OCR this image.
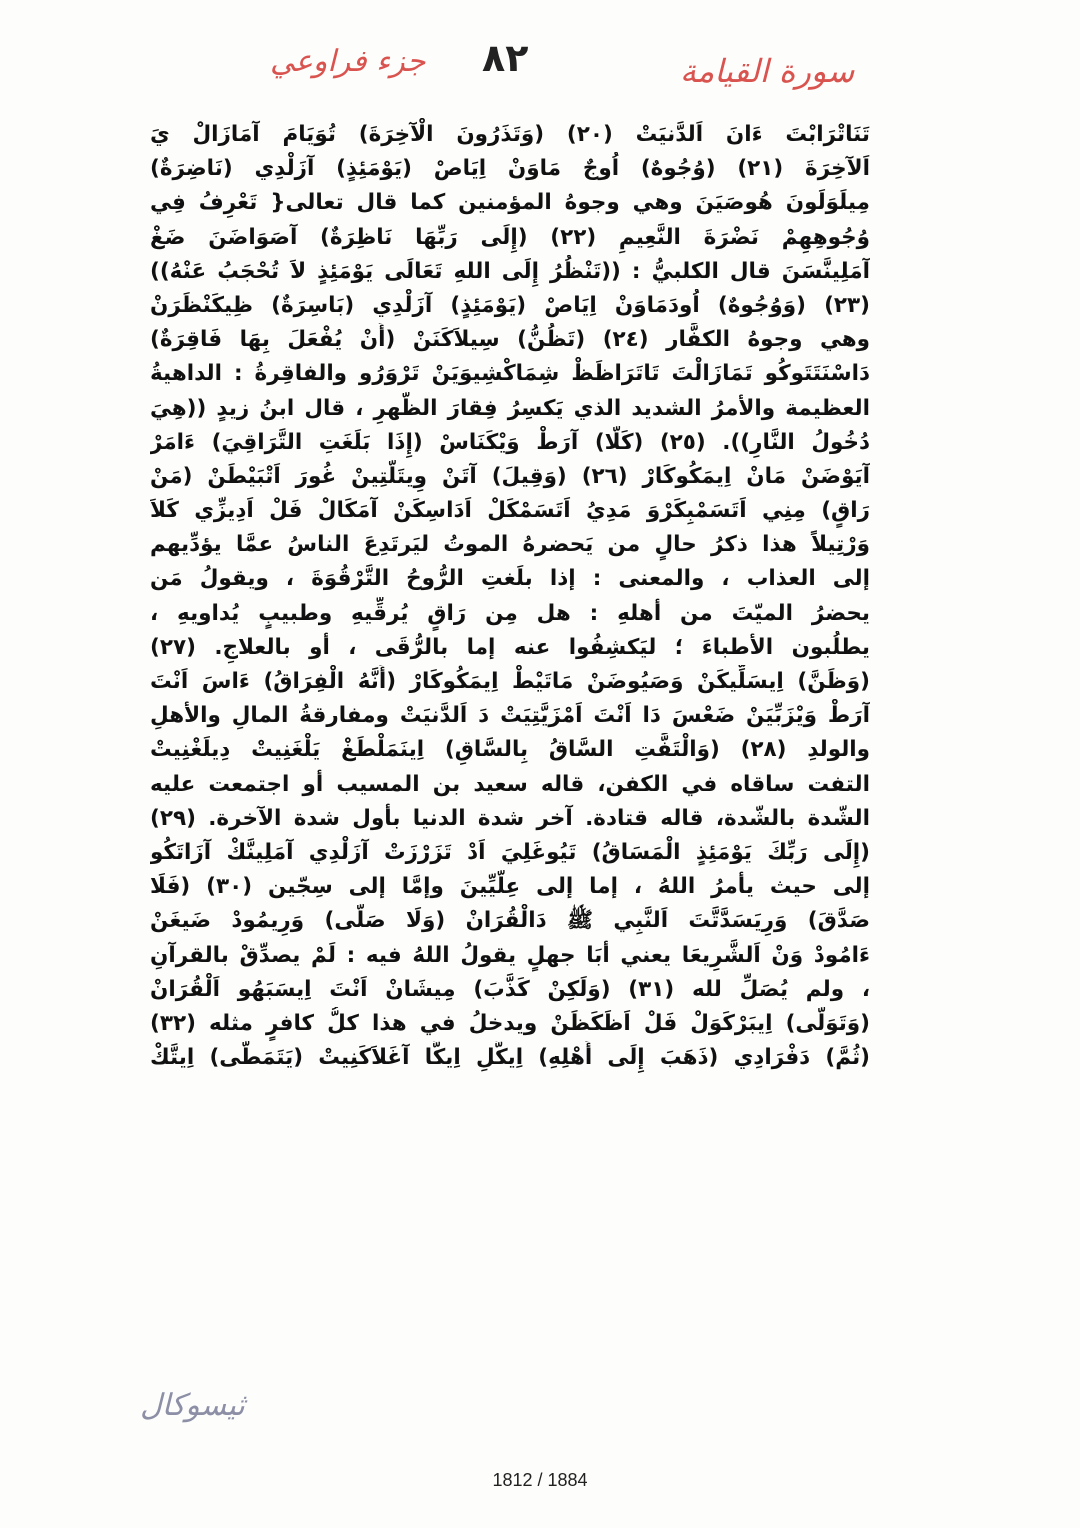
جزء فراوعي ٨٢	سورة القيامة
تَنَاتْرَابْتَ ءَانَ اَلدَّنيَتْ (٢٠) (وَتَذَرُونَ الْآخِرَةَ) تُوَيَامَ آمَازَالْ يَ
اَلآخِرَةَ (٢١) (وُجُوهٌ) اُوجٌ مَاوَنْ اِيَاصْ (يَوْمَئِذٍ) آزَلْدِي (نَاضِرَةٌ)
مِيلَوَلَونَ هُوصَيَنَ وهي وجوهُ المؤمنين كما قال تعالى{ تَعْرِفُ فِي
وُجُوهِهِمْ نَضْرَةَ النَّعِيمِ (٢٢) (إِلَى رَبِّهَا نَاظِرَةٌ) آصَوَاضَنَ ضَغْ
آمَلِينَّسَنَ قال الكلبيُّ : ((تَنْظُرُ إِلَى اللهِ تَعَالَى يَوْمَئِذٍ لاَ تُحْجَبُ عَنْهُ))
(٢٣) (وَوُجُوهٌ) اُودَمَاوَنْ اِيَاصْ (يَوْمَئِذٍ) آزَلْدِي (بَاسِرَةٌ) ظِيكَنْظَرَنْ
وهي وجوهُ الكفَّار (٢٤) (تَظُنُّ) سِيلاَكَنَنْ (أَنْ يُفْعَلَ بِهَا فَاقِرَةٌ)
دَاسْنَتَتَوكُو تَمَازَالْتَ تَاتَرَاظَظْ شِمَاكْشِيوَيَنْ تَرْوَرُو والفاقِرةُ : الداهيةُ
العظيمة والأمرُ الشديد الذي يَكسِرُ فِقارَ الظَّهرِ ، قال ابنُ زيدٍ ((هِيَ
دُخُولُ النَّارِ)). (٢٥) (كَلَّا) آرَطْ وَيْكَنَاسْ (إِذَا بَلَغَتِ التَّرَاقِيَ) ءَامَرْ
آيَوْضَنْ مَانْ اِيمَكُوكَارْ (٢٦) (وَقِيلَ) آتَنْ وِيتَلَّتِينْ غُورَ اَتْبَيْطَنْ (مَنْ
رَاقٍ) مِنِي اَتَسَمْبِكَرْوَ مَدِيُ اَتَسَمْكَلْ اَدَاسِكَنْ آمَكَالْ فَلْ اَدِيزِّي كَلاَ
وَرْتِيلاً هذا ذكرُ حالٍ من يَحضرهُ الموتُ ليَرتَدِعَ الناسُ عمَّا يؤدِّيهم
إلى العذاب ، والمعنى : إذا بلَغتِ الرُّوحُ التَّرْقُوَةَ ، ويقولُ مَن
يحضرُ الميّتَ من أهلهِ : هل مِن رَاقٍ يُرقِّيهِ وطبيبٍ يُداويهِ ،
يطلُبون الأطباءَ ؛ ليَكشِفُوا عنه إما بالرُّقَى ، أو بالعلاجِ. (٢٧)
(وَظَنَّ) اِيسَلِّيكَنْ وَصَيُوضَنْ مَاتَيْطْ اِيمَكُوكَارْ (أَنَّهُ الْفِرَاقُ) ءَاسَ اَنْتَ
آرَطْ وَيْزَبِّيَنْ ضَعْسَ دَا اَنْتَ اَمْزَيَّتِيَتْ دَ اَلدَّنيَتْ ومفارقةُ المالِ والأهلِ
والولدِ (٢٨) (وَالْتَفَّتِ السَّاقُ بِالسَّاقِ) اِينَمَلْطَغْ يَلْغَنِيتْ دِيلَغْنِيتْ
التفت ساقاه في الكفن، قاله سعيد بن المسيب أو اجتمعت عليه
الشّدة بالشّدة، قاله قتادة. آخر شدة الدنيا بأول شدة الآخرة. (٢٩)
(إِلَى رَبِّكَ يَوْمَئِذٍ الْمَسَاقُ) تَيُوغَلِيَ اَدْ تَزَرْزَتْ آزَلْدِي آمَلِينَّكْ آزَاتَكُو
إلى حيث يأمرُ اللهُ ، إما إلى عِلّيِّينَ وإمَّا إلى سِجّين (٣٠) (فَلَا
صَدَّقَ) وَرِيَسَدَّتَّتَ اَلنَّبِي ﷺ دَالْقُرَانْ (وَلَا صَلَّى) وَرِيمُودْ ضَيغَنْ
ءَامُودْ وَنْ اَلشَّرِيعَا يعني أبَا جهلٍ يقولُ اللهُ فيه : لَمْ يصدِّقْ بالقرآنِ
، ولم يُصَلِّ لله (٣١) (وَلَكِنْ كَذَّبَ) مِيشَانْ اَنْتَ اِيسَبَهُو اَلْقُرَانْ
(وَتَوَلَّى) اِيبَرْكَوَلْ فَلْ اَظَكَظَنْ ويدخلُ في هذا كلُّ كافرٍ مثله (٣٢)
(ثُمَّ) دَفْرَادِي (ذَهَبَ إِلَى أَهْلِهِ) اِيكَّلِ اِيكَّا آغَلاَكَنِيتْ (يَتَمَطَّى) اِيتَّكْ
ثيسوكال
1812 / 1884
